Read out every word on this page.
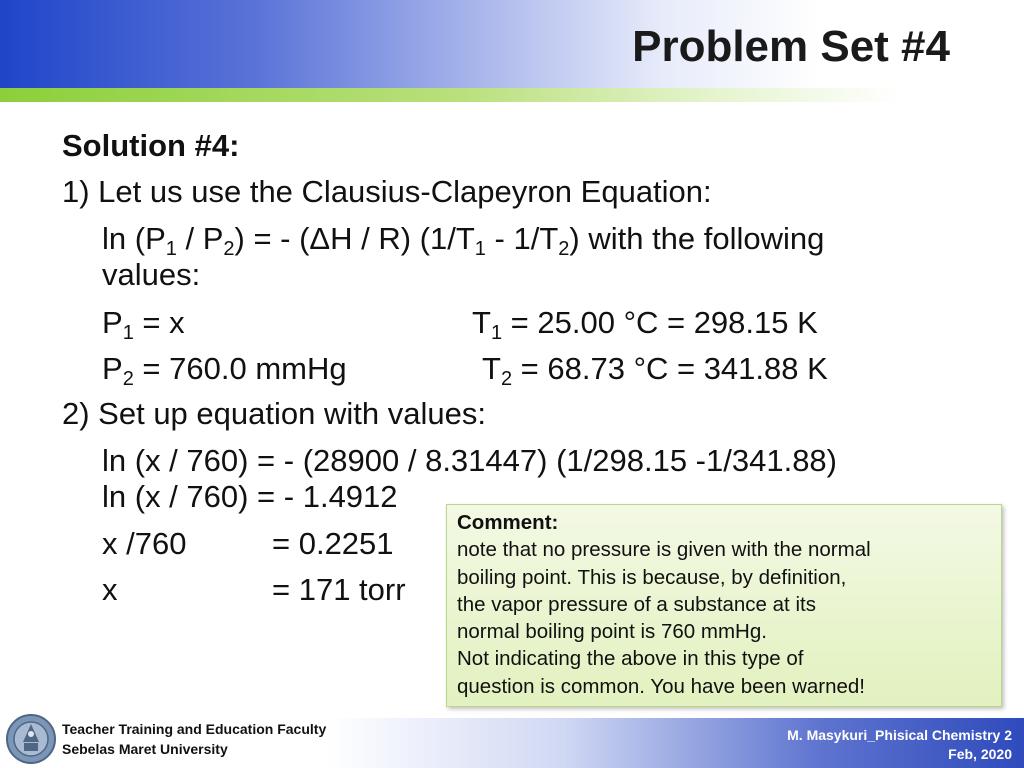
Problem Set #4
Solution #4:
1) Let us use the Clausius-Clapeyron Equation:
$\ln (P_1 / P_2)$ = - (ΔH / R) $(1/T_1 - 1/T_2)$ with the following
values:
$P_1 = x$	$T_1 = 25.00$ °C = 298.15 K
$P_2 = 760.0$ mmHg	$T_2 = 68.73$ °C = 341.88 K
2) Set up equation with values:
ln (x / 760) = - (28900 / 8.31447) (1/298.15 -1/341.88)
ln (x / 760) = - 1.4912
x /760	= 0.2251
x	= 171 torr
Comment:
note that no pressure is given with the normal
boiling point. This is because, by definition,
the vapor pressure of a substance at its
normal boiling point is 760 mmHg.
Not indicating the above in this type of
question is common. You have been warned!
Teacher Training and Education Faculty
Sebelas Maret University
M. Masykuri_Phisical Chemistry 2
Feb, 2020
